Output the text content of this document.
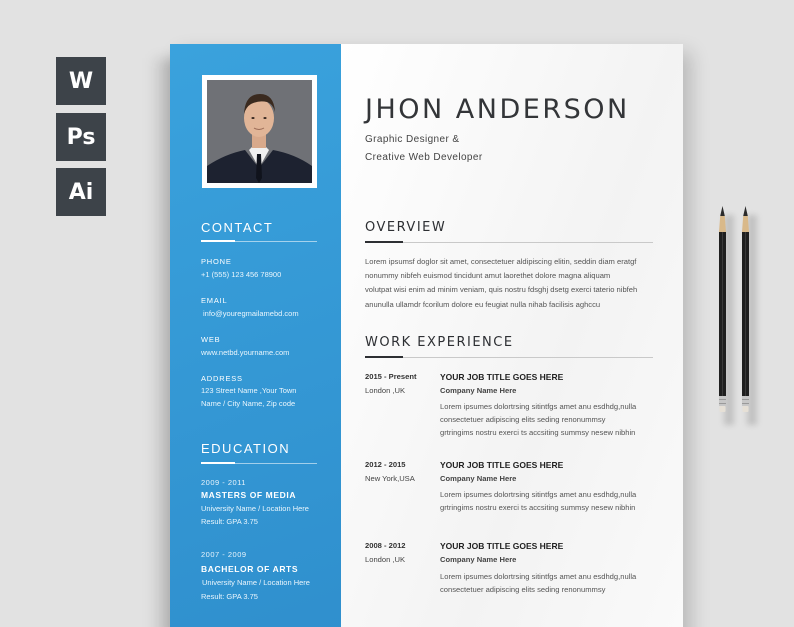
W
Ps
Ai
CONTACT
PHONE
+1 (555) 123 456 78900
EMAIL
info@youregmailamebd.com
WEB
www.netbd.yourname.com
ADDRESS
123 Street Name ,Your Town
Name / City Name, Zip code
EDUCATION
2009 - 2011
MASTERS OF MEDIA
University Name / Location Here
Result: GPA 3.75
2007 - 2009
BACHELOR OF ARTS
University Name / Location Here
Result: GPA 3.75
JHON ANDERSON
Graphic Designer &
Creative Web Developer
OVERVIEW
Lorem ipsumsf doglor sit amet, consectetuer aldipiscing elitin, seddin diam eratgf
nonummy nibfeh euismod tincidunt amut laorethet dolore magna aliquam
volutpat wisi enim ad minim veniam, quis nostru fdsghj dsetg exerci taterio nibfeh
anunulla ullamdr fcorilum dolore eu feugiat nulla nihab facilisis aghccu
WORK EXPERIENCE
2015 - Present
London ,UK
YOUR JOB TITLE GOES HERE
Company Name Here
Lorem ipsumes dolortrsing sitintfgs amet anu esdhdg,nulla
consectetuer adipiscing elits seding renonummsy
grtringims nostru exerci ts accsiting summsy nesew nibhin
2012 - 2015
New York,USA
YOUR JOB TITLE GOES HERE
Company Name Here
Lorem ipsumes dolortrsing sitintfgs amet anu esdhdg,nulla
grtringims nostru exerci ts accsiting summsy nesew nibhin
2008 - 2012
London ,UK
YOUR JOB TITLE GOES HERE
Company Name Here
Lorem ipsumes dolortrsing sitintfgs amet anu esdhdg,nulla
consectetuer adipiscing elits seding renonummsy
